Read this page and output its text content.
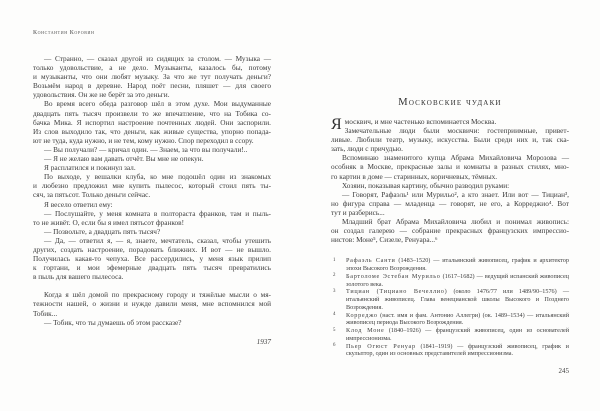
Константин Коровин
— Странно, — сказал другой из сидящих за столом. — Музыка —
только удовольствие, а не дело. Музыканты, казалось бы, потому
и музыканты, что они любят музыку. За что же тут получать деньги?
Возьмём народ в деревне. Народ поёт песни, пляшет — для своего
удовольствия. Он же не берёт за это деньги.
Во время всего обеда разговор шёл в этом духе. Мои выдуманные
двадцать пять тысяч произвели то же впечатление, что на Тобика со-
бачка Мика. Я испортил настроение почтенных людей. Они заспорили.
Из слов выходило так, что деньги, как живые существа, упорно попада-
ют не туда, куда нужно, и не тем, кому нужно. Спор переходил в ссору.
— Вы получали? — кричал один. — Знаем, за что вы получали!..
— Я не желаю вам давать отчёт. Вы мне не опекун.
Я расплатился и покинул зал.
По выходе, у вешалки клуба, ко мне подошёл один из знакомых
и любезно предложил мне купить пылесос, который стоил пять ты-
сяч, за пятьсот. Только деньги сейчас.
Я весело ответил ему:
— Послушайте, у меня комната в полтораста франков, там и пыль-
то не живёт. О, если бы я имел пятьсот франков!
— Позвольте, а двадцать пять тысяч?
— Да, — ответил я, — я, знаете, мечтатель, сказал, чтобы утешить
других, создать настроение, порадовать ближних. И вот — не вышло.
Получилась какая-то чепуха. Все рассердились, у меня язык прилип
к гортани, и мои эфемерные двадцать пять тысяч превратились
в пыль для вашего пылесоса.
Когда я шёл домой по прекрасному городу и тяжёлые мысли о мя-
тежности нашей, о жизни и нужде давили меня, мне вспомнился мой
Тобик...
— Тобик, что ты думаешь об этом рассказе?
1937
Московские чудаки
Я москвич, и мне частенько вспоминается Москва.
Замечательные люди были москвичи: гостеприимные, привет-
ливые. Любили театр, музыку, искусства. Были среди них и, так ска-
зать, люди с причудью.
Вспоминаю знаменитого купца Абрама Михайловича Морозова —
особняк в Москве, прекрасные залы и комнаты в разных стилях, мно-
го картин в доме — старинных, коричневых, тёмных.
Хозяин, показывая картину, обычно разводил руками:
— Говорят, Рафаэль¹ или Мурильо², а кто знает. Или вот — Тициан³,
но фигура справа — младенца — говорят, не его, а Корреджио⁴. Вот
тут и разберись...
Младший брат Абрама Михайловича любил и понимал живопись:
он создал галерею — собрание прекрасных французских импрессио-
нистов: Моне⁵, Сизеле, Ренуара...⁶
1	Рафаэль Санти (1483–1520) — итальянский живописец, график и архитектор эпохи Высокого Возрождения.
2	Бартоломе Эстебан Мурильо (1617–1682) — ведущий испанский живописец золотого века.
3	Тициан (Тициано Вечеллио) (около 1476/77 или 1489/90–1576) — итальянский живописец. Глава венецианской школы Высокого и Позднего Возрождения.
4	Корреджо (наст. имя и фам. Антонио Аллегри) (ок. 1489–1534) — итальянский живописец периода Высокого Возрождения.
5	Клод Моне (1840–1926) — французский живописец, один из основателей импрессионизма.
6	Пьер Огюст Ренуар (1841–1919) — французский живописец, график и скульптор, один из основных представителей импрессионизма.
245
